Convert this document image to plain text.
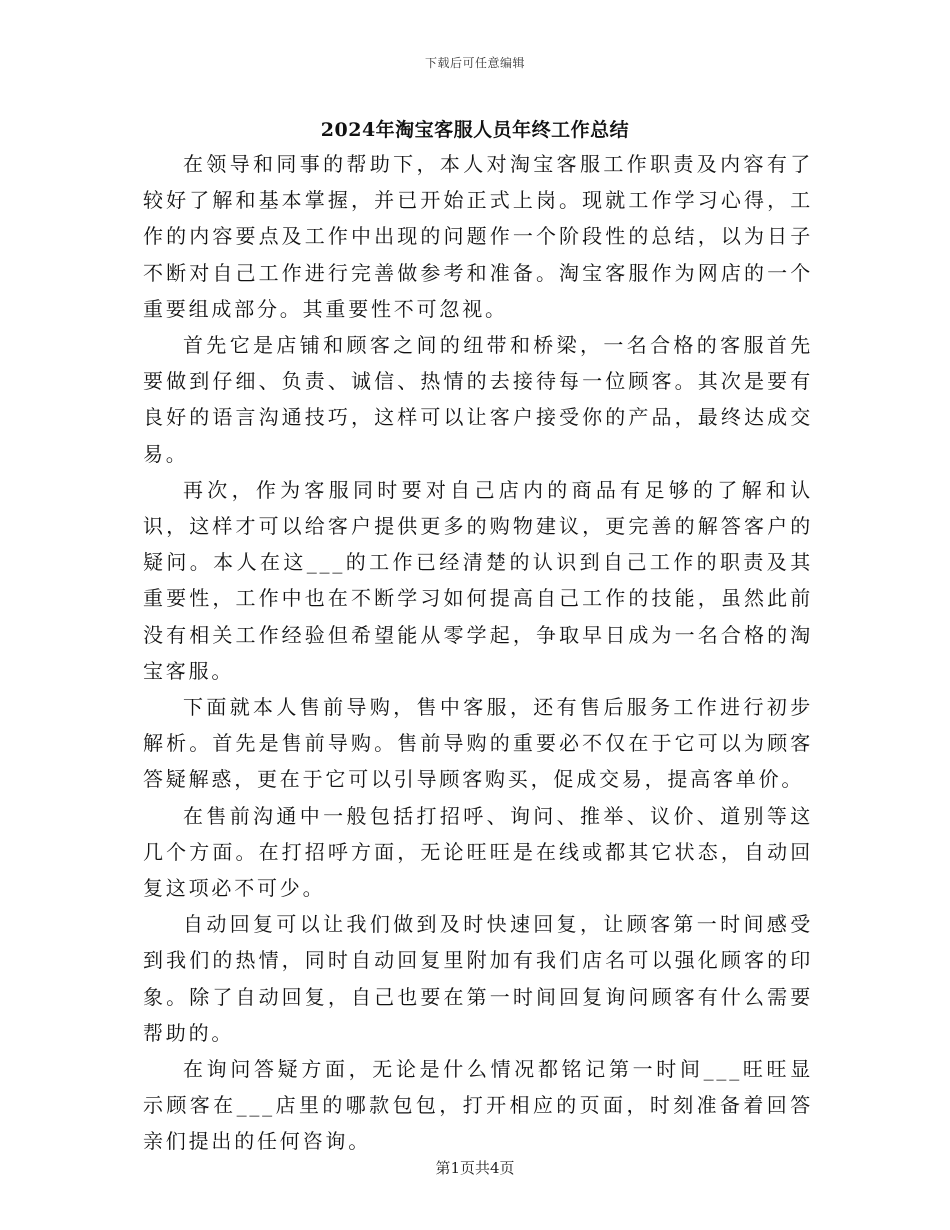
下载后可任意编辑
2024年淘宝客服人员年终工作总结

在领导和同事的帮助下，本人对淘宝客服工作职责及内容有了较好了解和基本掌握，并已开始正式上岗。现就工作学习心得，工作的内容要点及工作中出现的问题作一个阶段性的总结，以为日子不断对自己工作进行完善做参考和准备。淘宝客服作为网店的一个重要组成部分。其重要性不可忽视。

首先它是店铺和顾客之间的纽带和桥梁，一名合格的客服首先要做到仔细、负责、诚信、热情的去接待每一位顾客。其次是要有良好的语言沟通技巧，这样可以让客户接受你的产品，最终达成交易。

再次，作为客服同时要对自己店内的商品有足够的了解和认识，这样才可以给客户提供更多的购物建议，更完善的解答客户的疑问。本人在这___的工作已经清楚的认识到自己工作的职责及其重要性，工作中也在不断学习如何提高自己工作的技能，虽然此前没有相关工作经验但希望能从零学起，争取早日成为一名合格的淘宝客服。

下面就本人售前导购，售中客服，还有售后服务工作进行初步解析。首先是售前导购。售前导购的重要必不仅在于它可以为顾客答疑解惑，更在于它可以引导顾客购买，促成交易，提高客单价。

在售前沟通中一般包括打招呼、询问、推举、议价、道别等这几个方面。在打招呼方面，无论旺旺是在线或都其它状态，自动回复这项必不可少。

自动回复可以让我们做到及时快速回复，让顾客第一时间感受到我们的热情，同时自动回复里附加有我们店名可以强化顾客的印象。除了自动回复，自己也要在第一时间回复询问顾客有什么需要帮助的。

在询问答疑方面，无论是什么情况都铭记第一时间___旺旺显示顾客在___店里的哪款包包，打开相应的页面，时刻准备着回答亲们提出的任何咨询。

第1页共4页
